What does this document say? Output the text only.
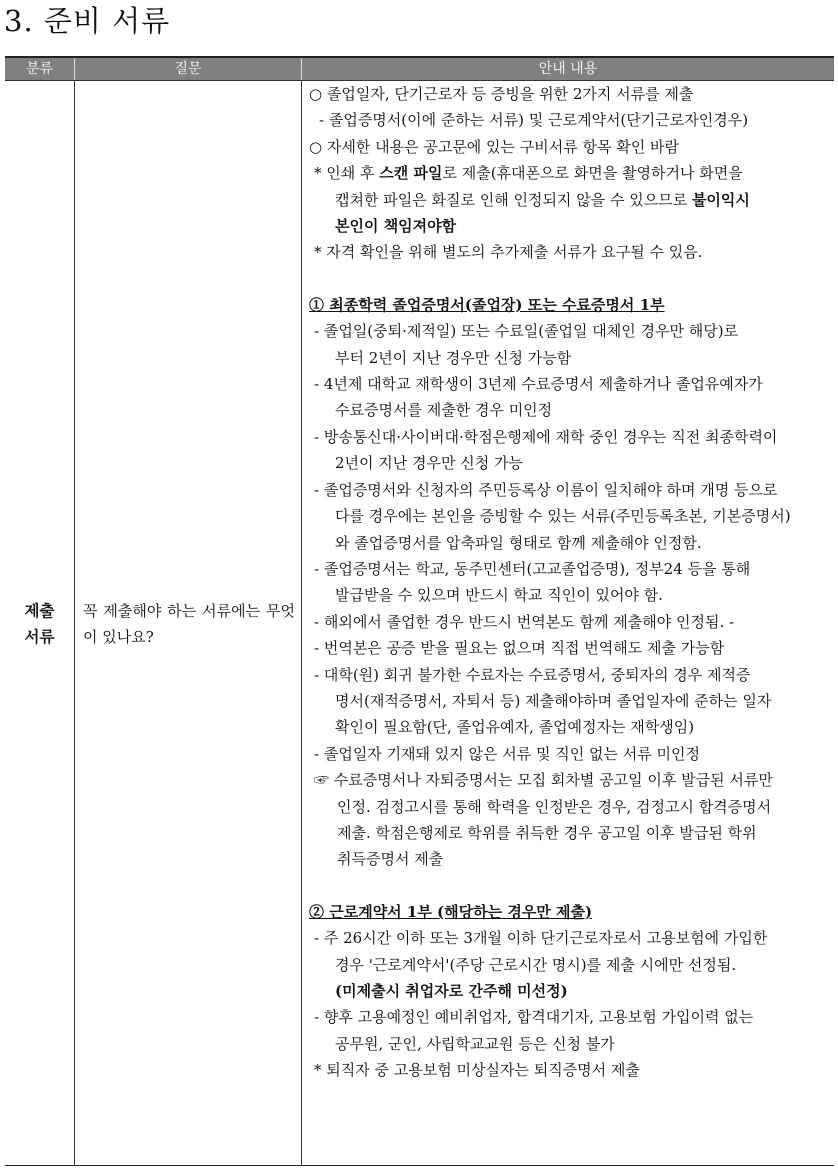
3. 준비 서류
분류	질문	안내 내용
제출
서류
꼭 제출해야 하는 서류에는 무엇이 있나요?
○ 졸업일자, 단기근로자 등 증빙을 위한 2가지 서류를 제출
- 졸업증명서(이에 준하는 서류) 및 근로계약서(단기근로자인경우)
○ 자세한 내용은 공고문에 있는 구비서류 항목 확인 바람
* 인쇄 후 스캔 파일로 제출(휴대폰으로 화면을 촬영하거나 화면을
캡쳐한 파일은 화질로 인해 인정되지 않을 수 있으므로 불이익시
본인이 책임져야함
* 자격 확인을 위해 별도의 추가제출 서류가 요구될 수 있음.
① 최종학력 졸업증명서(졸업장) 또는 수료증명서 1부
- 졸업일(중퇴·제적일) 또는 수료일(졸업일 대체인 경우만 해당)로
부터 2년이 지난 경우만 신청 가능함
- 4년제 대학교 재학생이 3년제 수료증명서 제출하거나 졸업유예자가
수료증명서를 제출한 경우 미인정
- 방송통신대·사이버대·학점은행제에 재학 중인 경우는 직전 최종학력이
2년이 지난 경우만 신청 가능
- 졸업증명서와 신청자의 주민등록상 이름이 일치해야 하며 개명 등으로
다를 경우에는 본인을 증빙할 수 있는 서류(주민등록초본, 기본증명서)
와 졸업증명서를 압축파일 형태로 함께 제출해야 인정함.
- 졸업증명서는 학교, 동주민센터(고교졸업증명), 정부24 등을 통해
발급받을 수 있으며 반드시 학교 직인이 있어야 함.
- 해외에서 졸업한 경우 반드시 번역본도 함께 제출해야 인정됨. -
- 번역본은 공증 받을 필요는 없으며 직접 번역해도 제출 가능함
- 대학(원) 회귀 불가한 수료자는 수료증명서, 중퇴자의 경우 제적증
명서(재적증명서, 자퇴서 등) 제출해야하며 졸업일자에 준하는 일자
확인이 필요함(단, 졸업유예자, 졸업예정자는 재학생임)
- 졸업일자 기재돼 있지 않은 서류 및 직인 없는 서류 미인정
☞ 수료증명서나 자퇴증명서는 모집 회차별 공고일 이후 발급된 서류만
인정. 검정고시를 통해 학력을 인정받은 경우, 검정고시 합격증명서
제출. 학점은행제로 학위를 취득한 경우 공고일 이후 발급된 학위
취득증명서 제출
② 근로계약서 1부 (해당하는 경우만 제출)
- 주 26시간 이하 또는 3개월 이하 단기근로자로서 고용보험에 가입한
경우 '근로계약서'(주당 근로시간 명시)를 제출 시에만 선정됨.
(미제출시 취업자로 간주해 미선정)
- 향후 고용예정인 예비취업자, 합격대기자, 고용보험 가입이력 없는
공무원, 군인, 사립학교교원 등은 신청 불가
* 퇴직자 중 고용보험 미상실자는 퇴직증명서 제출
